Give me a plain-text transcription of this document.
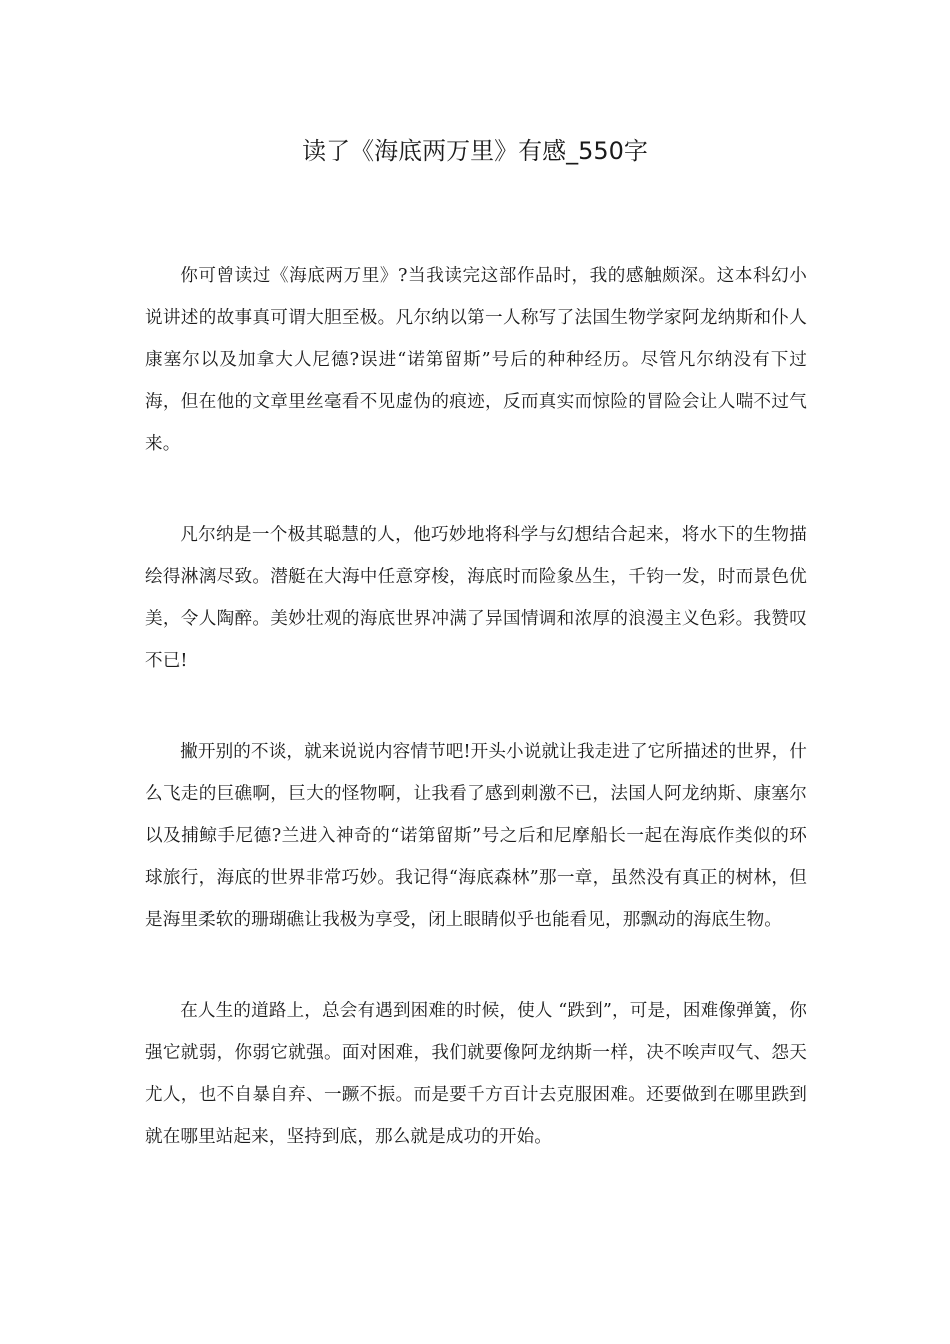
读了《海底两万里》有感_550字

你可曾读过《海底两万里》?当我读完这部作品时，我的感触颇深。这本科幻小说讲述的故事真可谓大胆至极。凡尔纳以第一人称写了法国生物学家阿龙纳斯和仆人康塞尔以及加拿大人尼德?误进“诺第留斯”号后的种种经历。尽管凡尔纳没有下过海，但在他的文章里丝毫看不见虚伪的痕迹，反而真实而惊险的冒险会让人喘不过气来。

凡尔纳是一个极其聪慧的人，他巧妙地将科学与幻想结合起来，将水下的生物描绘得淋漓尽致。潜艇在大海中任意穿梭，海底时而险象丛生，千钧一发，时而景色优美，令人陶醉。美妙壮观的海底世界冲满了异国情调和浓厚的浪漫主义色彩。我赞叹不已!

撇开别的不谈，就来说说内容情节吧!开头小说就让我走进了它所描述的世界，什么飞走的巨礁啊，巨大的怪物啊，让我看了感到刺激不已，法国人阿龙纳斯、康塞尔以及捕鲸手尼德?兰进入神奇的“诺第留斯”号之后和尼摩船长一起在海底作类似的环球旅行，海底的世界非常巧妙。我记得“海底森林”那一章，虽然没有真正的树林，但是海里柔软的珊瑚礁让我极为享受，闭上眼睛似乎也能看见，那飘动的海底生物。

在人生的道路上，总会有遇到困难的时候，使人 “跌到”，可是，困难像弹簧，你强它就弱，你弱它就强。面对困难，我们就要像阿龙纳斯一样，决不唉声叹气、怨天尤人，也不自暴自弃、一蹶不振。而是要千方百计去克服困难。还要做到在哪里跌到就在哪里站起来，坚持到底，那么就是成功的开始。
